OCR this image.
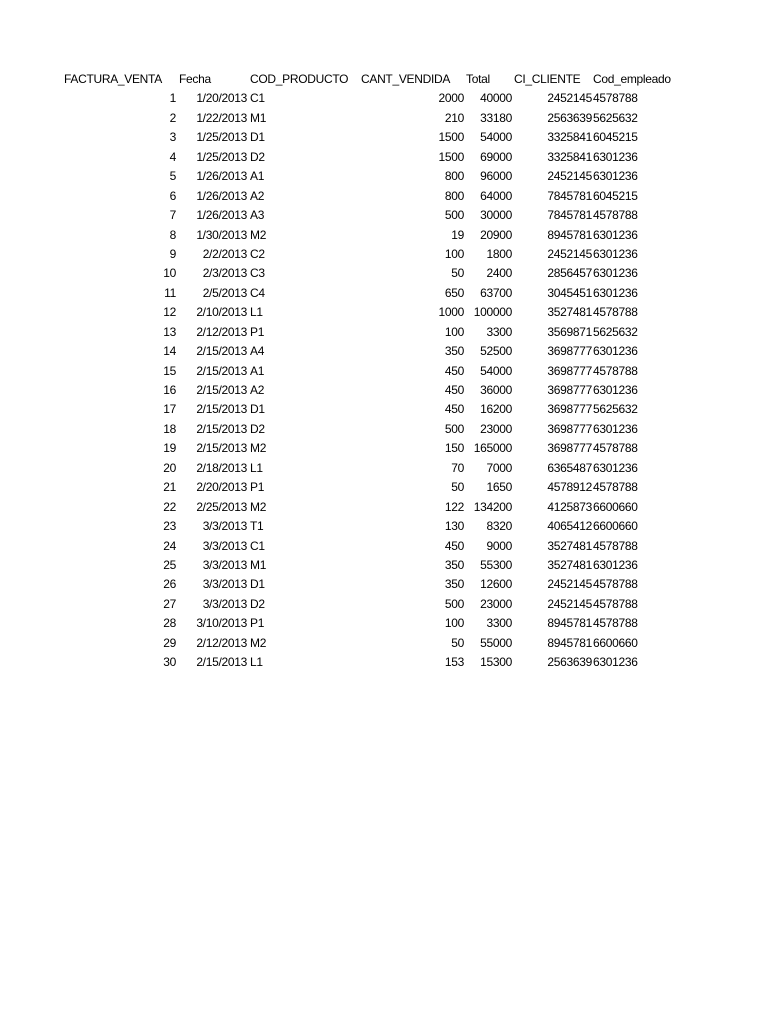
FACTURA_VENTA Fecha	COD_PRODUCTO CANT_VENDIDA Total CI_CLIENTE Cod_empleado
1 1/20/2013 C1	2000 40000	2452145 4578788
2 1/22/2013 M1	210 33180	2563639 5625632
3 1/25/2013 D1	1500 54000	3325841 6045215
4 1/25/2013 D2	1500 69000	3325841 6301236
5 1/26/2013 A1	800 96000	2452145 6301236
6 1/26/2013 A2	800 64000	7845781 6045215
7 1/26/2013 A3	500 30000	7845781 4578788
8 1/30/2013 M2	19 20900	8945781 6301236
9 2/2/2013 C2	100 1800	2452145 6301236
10 2/3/2013 C3	50 2400	2856457 6301236
11 2/5/2013 C4	650 63700	3045451 6301236
12 2/10/2013 L1	1000 100000	3527481 4578788
13 2/12/2013 P1	100 3300	3569871 5625632
14 2/15/2013 A4	350 52500	3698777 6301236
15 2/15/2013 A1	450 54000	3698777 4578788
16 2/15/2013 A2	450 36000	3698777 6301236
17 2/15/2013 D1	450 16200	3698777 5625632
18 2/15/2013 D2	500 23000	3698777 6301236
19 2/15/2013 M2	150 165000	3698777 4578788
20 2/18/2013 L1	70 7000	6365487 6301236
21 2/20/2013 P1	50 1650	4578912 4578788
22 2/25/2013 M2	122 134200	4125873 6600660
23 3/3/2013 T1	130 8320	4065412 6600660
24 3/3/2013 C1	450 9000	3527481 4578788
25 3/3/2013 M1	350 55300	3527481 6301236
26 3/3/2013 D1	350 12600	2452145 4578788
27 3/3/2013 D2	500 23000	2452145 4578788
28 3/10/2013 P1	100 3300	8945781 4578788
29 2/12/2013 M2	50 55000	8945781 6600660
30 2/15/2013 L1	153 15300	2563639 6301236
